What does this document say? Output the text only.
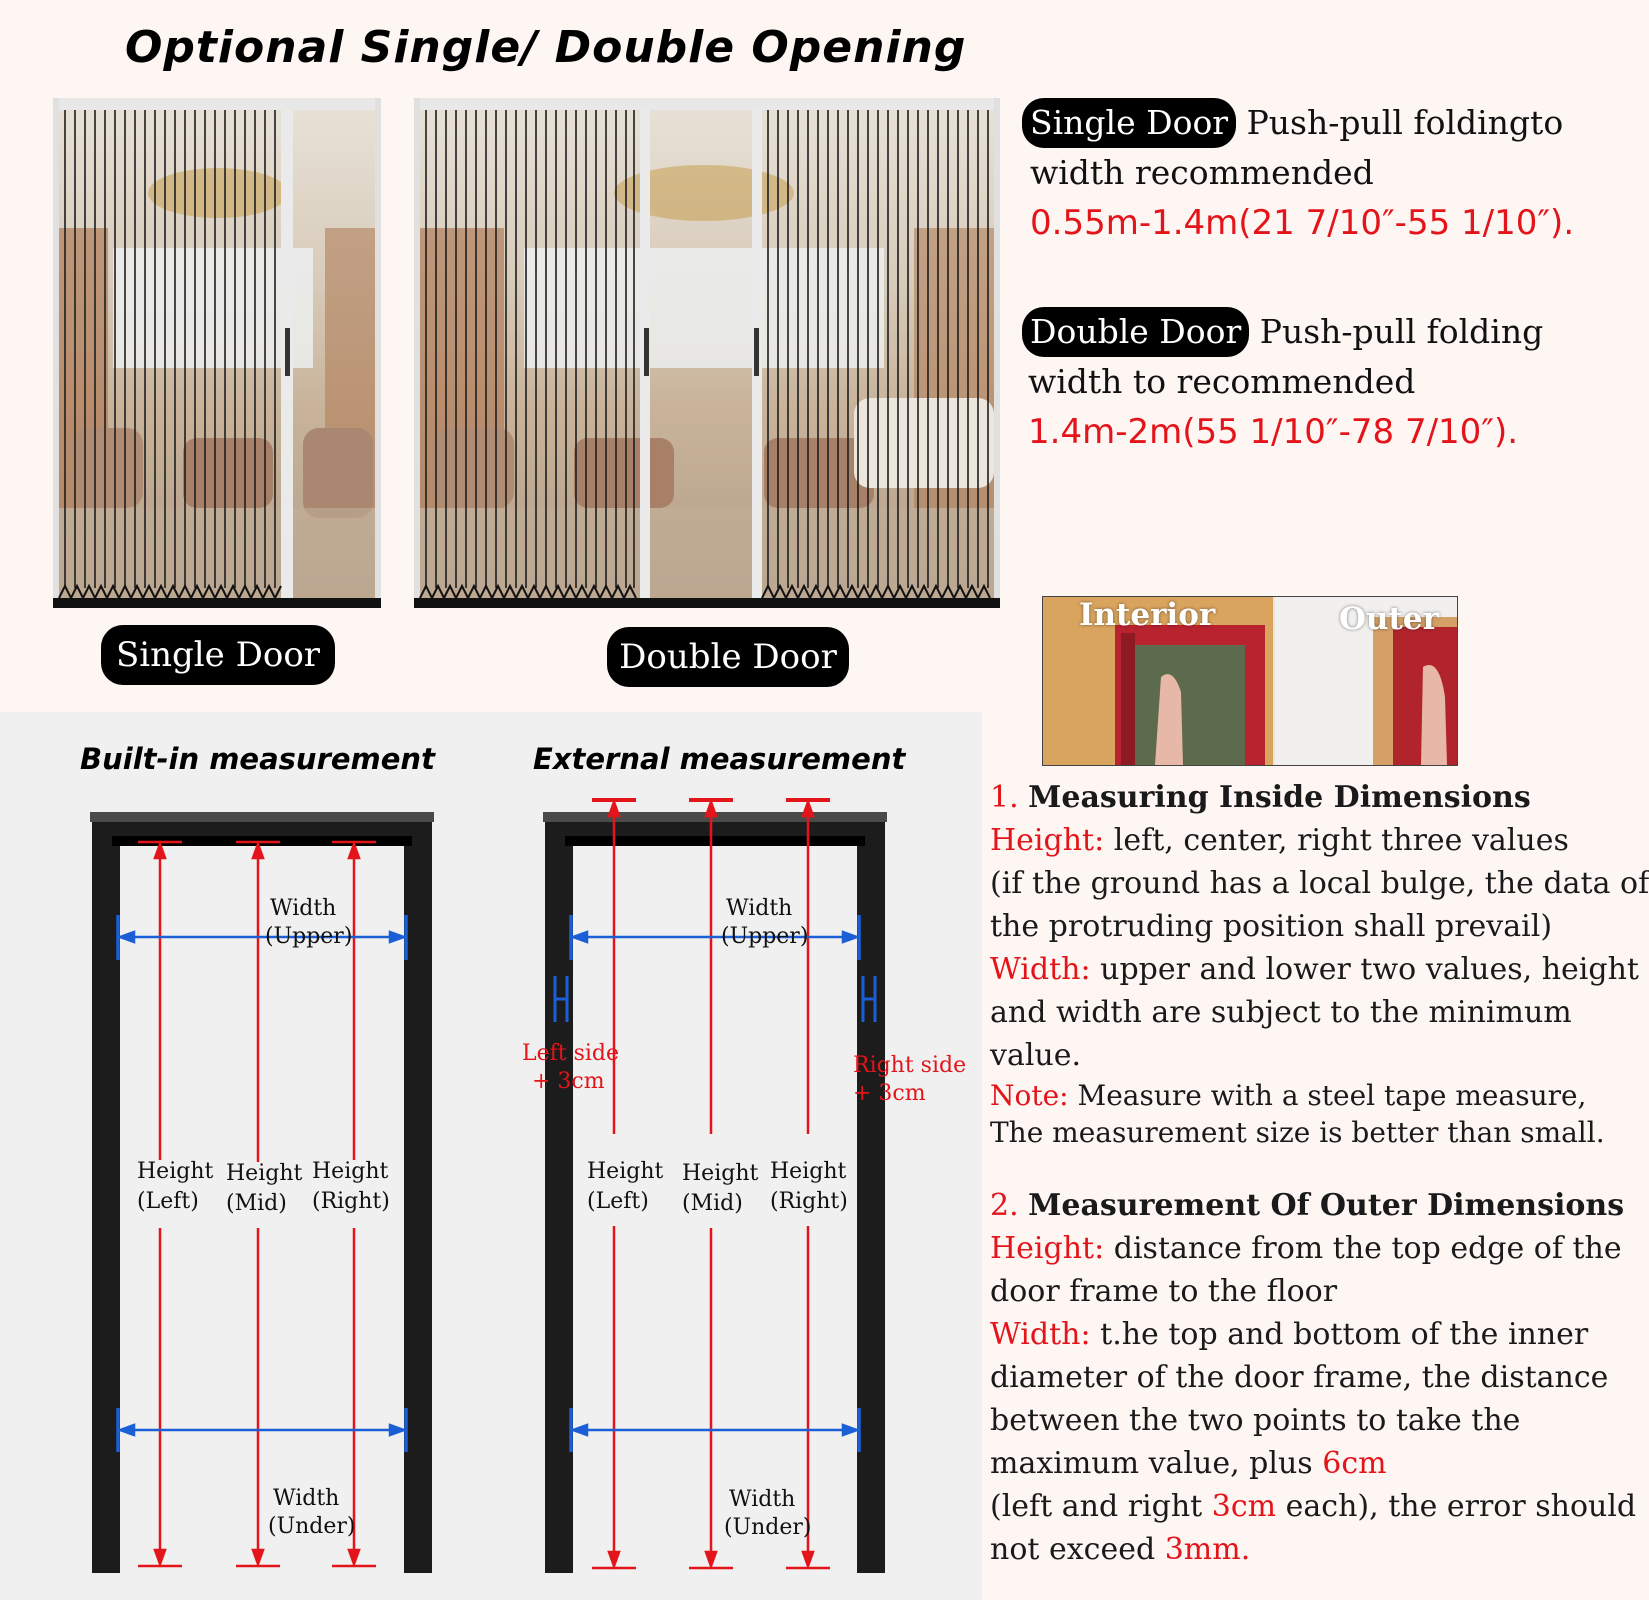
Optional Single/ Double Opening
Single Door	Double Door
Single Door Push-pull foldingto
width recommended
0.55m-1.4m(21 7/10″-55 1/10″).
Double Door Push-pull folding
width to recommended
1.4m-2m(55 1/10″-78 7/10″).
Interior	Outer
Built-in measurement	External measurement
Width
(Upper)
Width
(Under)
Height
(Left)
Height
(Mid)
Height
(Right)
Width
(Upper)
Width
(Under)
Height
(Left)
Height
(Mid)
Height
(Right)
Left side
+ 3cm
Right side
+ 3cm

1. Measuring Inside Dimensions

Height: left, center, right three values

(if the ground has a local bulge, the data of

the protruding position shall prevail)

Width: upper and lower two values, height

and width are subject to the minimum

value.

Note: Measure with a steel tape measure,

The measurement size is better than small.

2. Measurement Of Outer Dimensions

Height: distance from the top edge of the

door frame to the floor

Width: t.he top and bottom of the inner

diameter of the door frame, the distance

between the two points to take the

maximum value, plus 6cm

(left and right 3cm each), the error should

not exceed 3mm.
